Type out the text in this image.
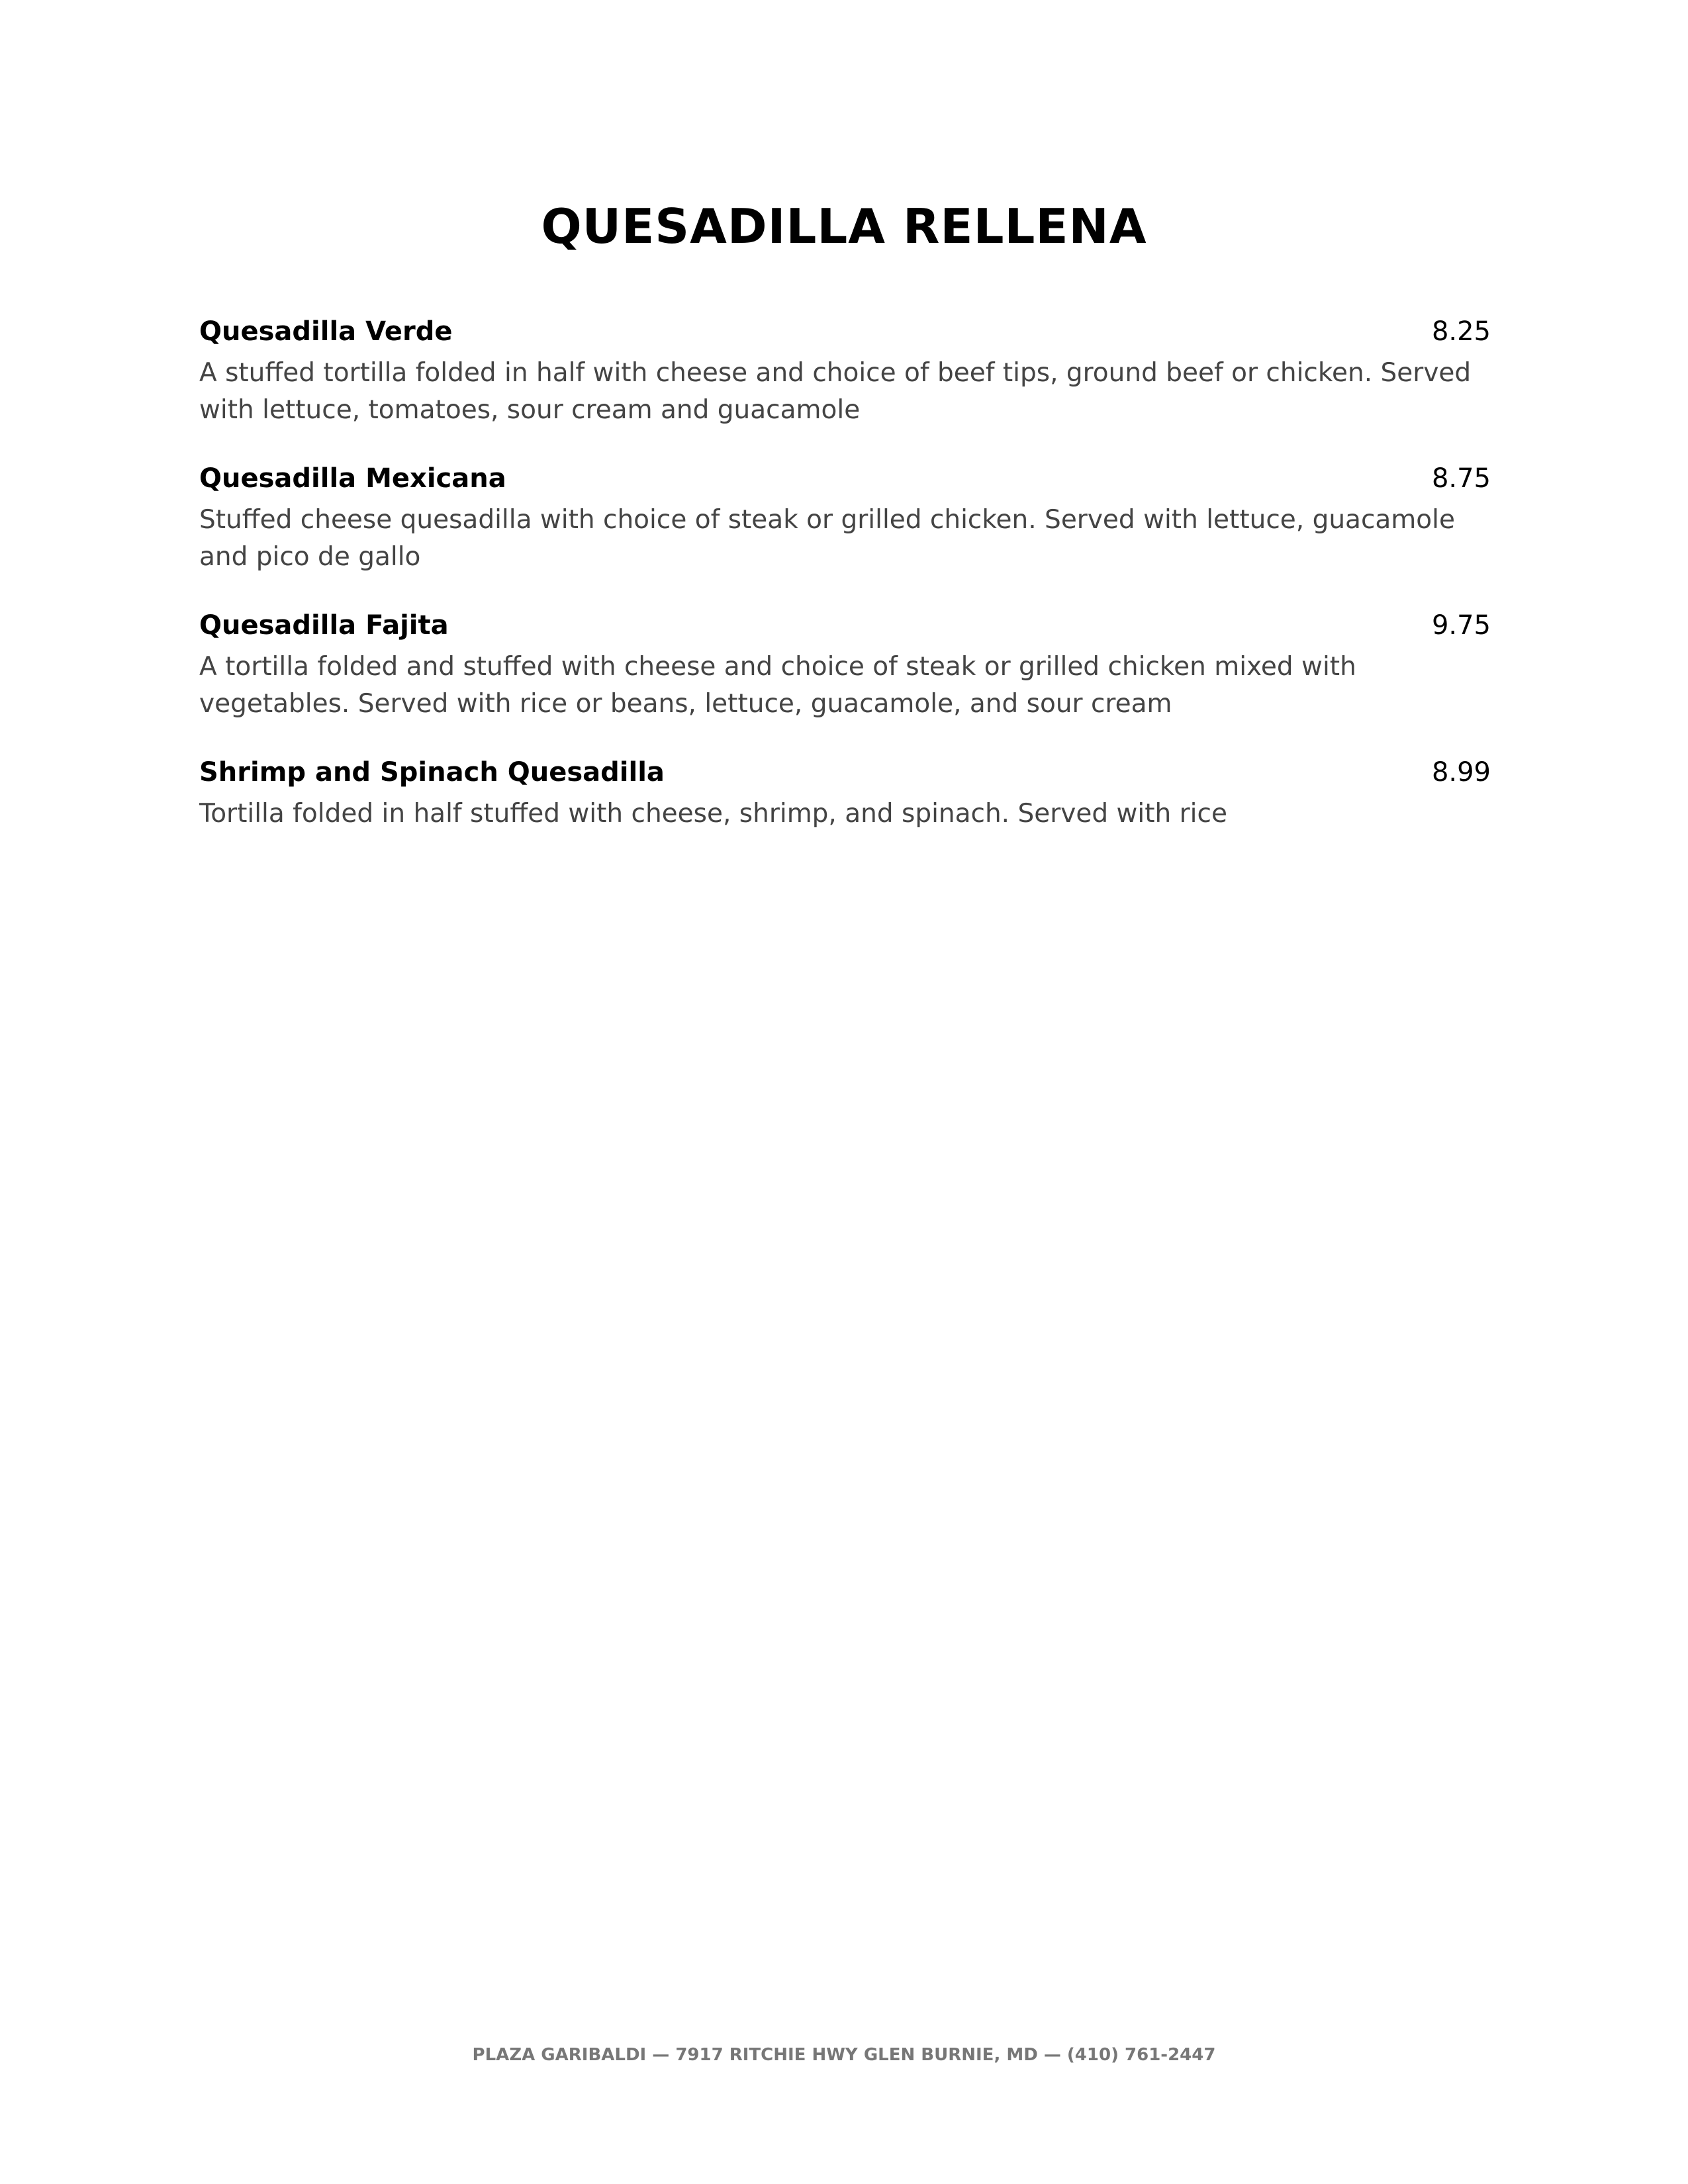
QUESADILLA RELLENA
Quesadilla Verde	8.25
A stuffed tortilla folded in half with cheese and choice of beef tips, ground beef or chicken. Served with lettuce, tomatoes, sour cream and guacamole
Quesadilla Mexicana	8.75
Stuffed cheese quesadilla with choice of steak or grilled chicken. Served with lettuce, guacamole and pico de gallo
Quesadilla Fajita	9.75
A tortilla folded and stuffed with cheese and choice of steak or grilled chicken mixed with vegetables. Served with rice or beans, lettuce, guacamole, and sour cream
Shrimp and Spinach Quesadilla	8.99
Tortilla folded in half stuffed with cheese, shrimp, and spinach. Served with rice
PLAZA GARIBALDI — 7917 RITCHIE HWY GLEN BURNIE, MD — (410) 761-2447
